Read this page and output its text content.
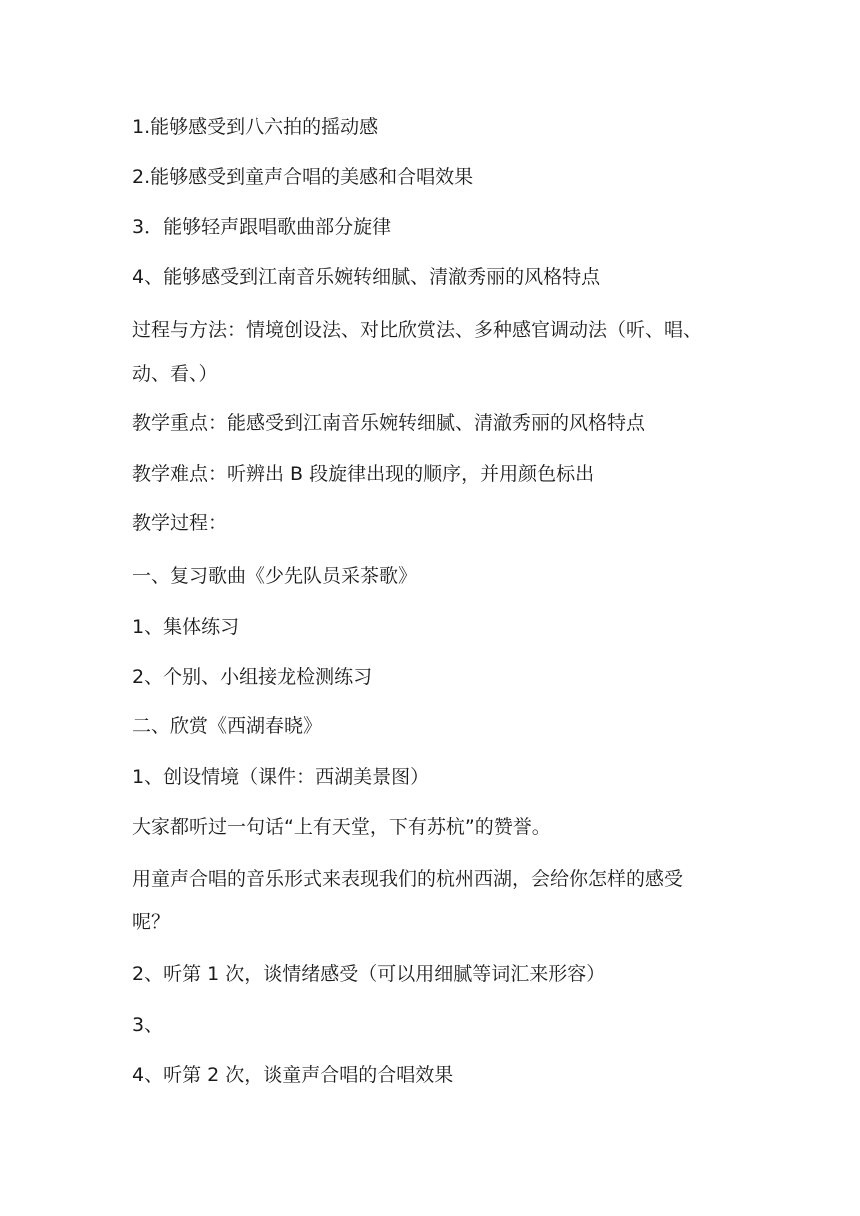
1.能够感受到八六拍的摇动感
2.能够感受到童声合唱的美感和合唱效果
3．能够轻声跟唱歌曲部分旋律
4、能够感受到江南音乐婉转细腻、清澈秀丽的风格特点
过程与方法：情境创设法、对比欣赏法、多种感官调动法（听、唱、
动、看、）
教学重点：能感受到江南音乐婉转细腻、清澈秀丽的风格特点
教学难点：听辨出 B 段旋律出现的顺序，并用颜色标出
教学过程：
一、复习歌曲《少先队员采茶歌》
1、集体练习
2、个别、小组接龙检测练习
二、欣赏《西湖春晓》
1、创设情境（课件：西湖美景图）
大家都听过一句话“上有天堂，下有苏杭”的赞誉。
用童声合唱的音乐形式来表现我们的杭州西湖，会给你怎样的感受
呢？
2、听第 1 次，谈情绪感受（可以用细腻等词汇来形容）
3、
4、听第 2 次，谈童声合唱的合唱效果
